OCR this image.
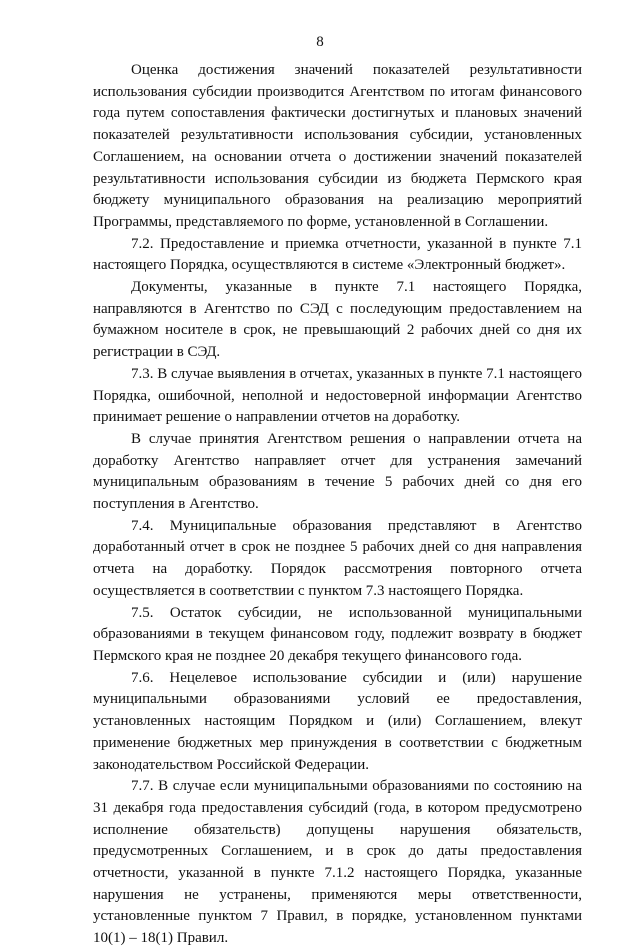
8

Оценка достижения значений показателей результативности использования субсидии производится Агентством по итогам финансового года путем сопоставления фактически достигнутых и плановых значений показателей результативности использования субсидии, установленных Соглашением, на основании отчета о достижении значений показателей результативности использования субсидии из бюджета Пермского края бюджету муниципального образования на реализацию мероприятий Программы, представляемого по форме, установленной в Соглашении.

7.2. Предоставление и приемка отчетности, указанной в пункте 7.1 настоящего Порядка, осуществляются в системе «Электронный бюджет».

Документы, указанные в пункте 7.1 настоящего Порядка, направляются в Агентство по СЭД с последующим предоставлением на бумажном носителе в срок, не превышающий 2 рабочих дней со дня их регистрации в СЭД.

7.3. В случае выявления в отчетах, указанных в пункте 7.1 настоящего Порядка, ошибочной, неполной и недостоверной информации Агентство принимает решение о направлении отчетов на доработку.

В случае принятия Агентством решения о направлении отчета на доработку Агентство направляет отчет для устранения замечаний муниципальным образованиям в течение 5 рабочих дней со дня его поступления в Агентство.

7.4. Муниципальные образования представляют в Агентство доработанный отчет в срок не позднее 5 рабочих дней со дня направления отчета на доработку. Порядок рассмотрения повторного отчета осуществляется в соответствии с пунктом 7.3 настоящего Порядка.

7.5. Остаток субсидии, не использованной муниципальными образованиями в текущем финансовом году, подлежит возврату в бюджет Пермского края не позднее 20 декабря текущего финансового года.

7.6. Нецелевое использование субсидии и (или) нарушение муниципальными образованиями условий ее предоставления, установленных настоящим Порядком и (или) Соглашением, влекут применение бюджетных мер принуждения в соответствии с бюджетным законодательством Российской Федерации.

7.7. В случае если муниципальными образованиями по состоянию на 31 декабря года предоставления субсидий (года, в котором предусмотрено исполнение обязательств) допущены нарушения обязательств, предусмотренных Соглашением, и в срок до даты предоставления отчетности, указанной в пункте 7.1.2 настоящего Порядка, указанные нарушения не устранены, применяются меры ответственности, установленные пунктом 7 Правил, в порядке, установленном пунктами 10(1) – 18(1) Правил.
